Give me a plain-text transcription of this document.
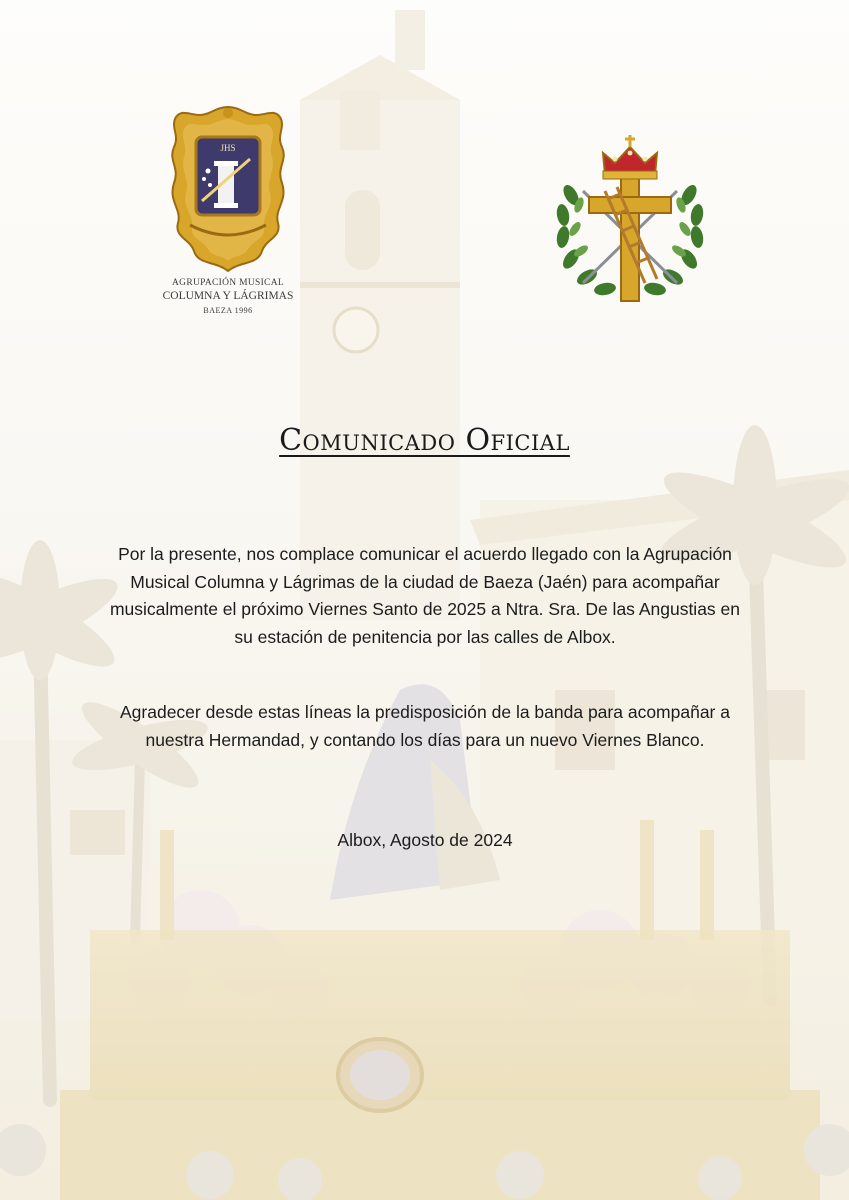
JHS
AGRUPACIÓN MUSICAL
COLUMNA Y LÁGRIMAS
BAEZA 1996
Comunicado Oficial

Por la presente, nos complace comunicar el acuerdo llegado con la Agrupación Musical Columna y Lágrimas de la ciudad de Baeza (Jaén) para acompañar musicalmente el próximo Viernes Santo de 2025 a Ntra. Sra. De las Angustias en su estación de penitencia por las calles de Albox.

Agradecer desde estas líneas la predisposición de la banda para acompañar a nuestra Hermandad, y contando los días para un nuevo Viernes Blanco.

Albox, Agosto de 2024
